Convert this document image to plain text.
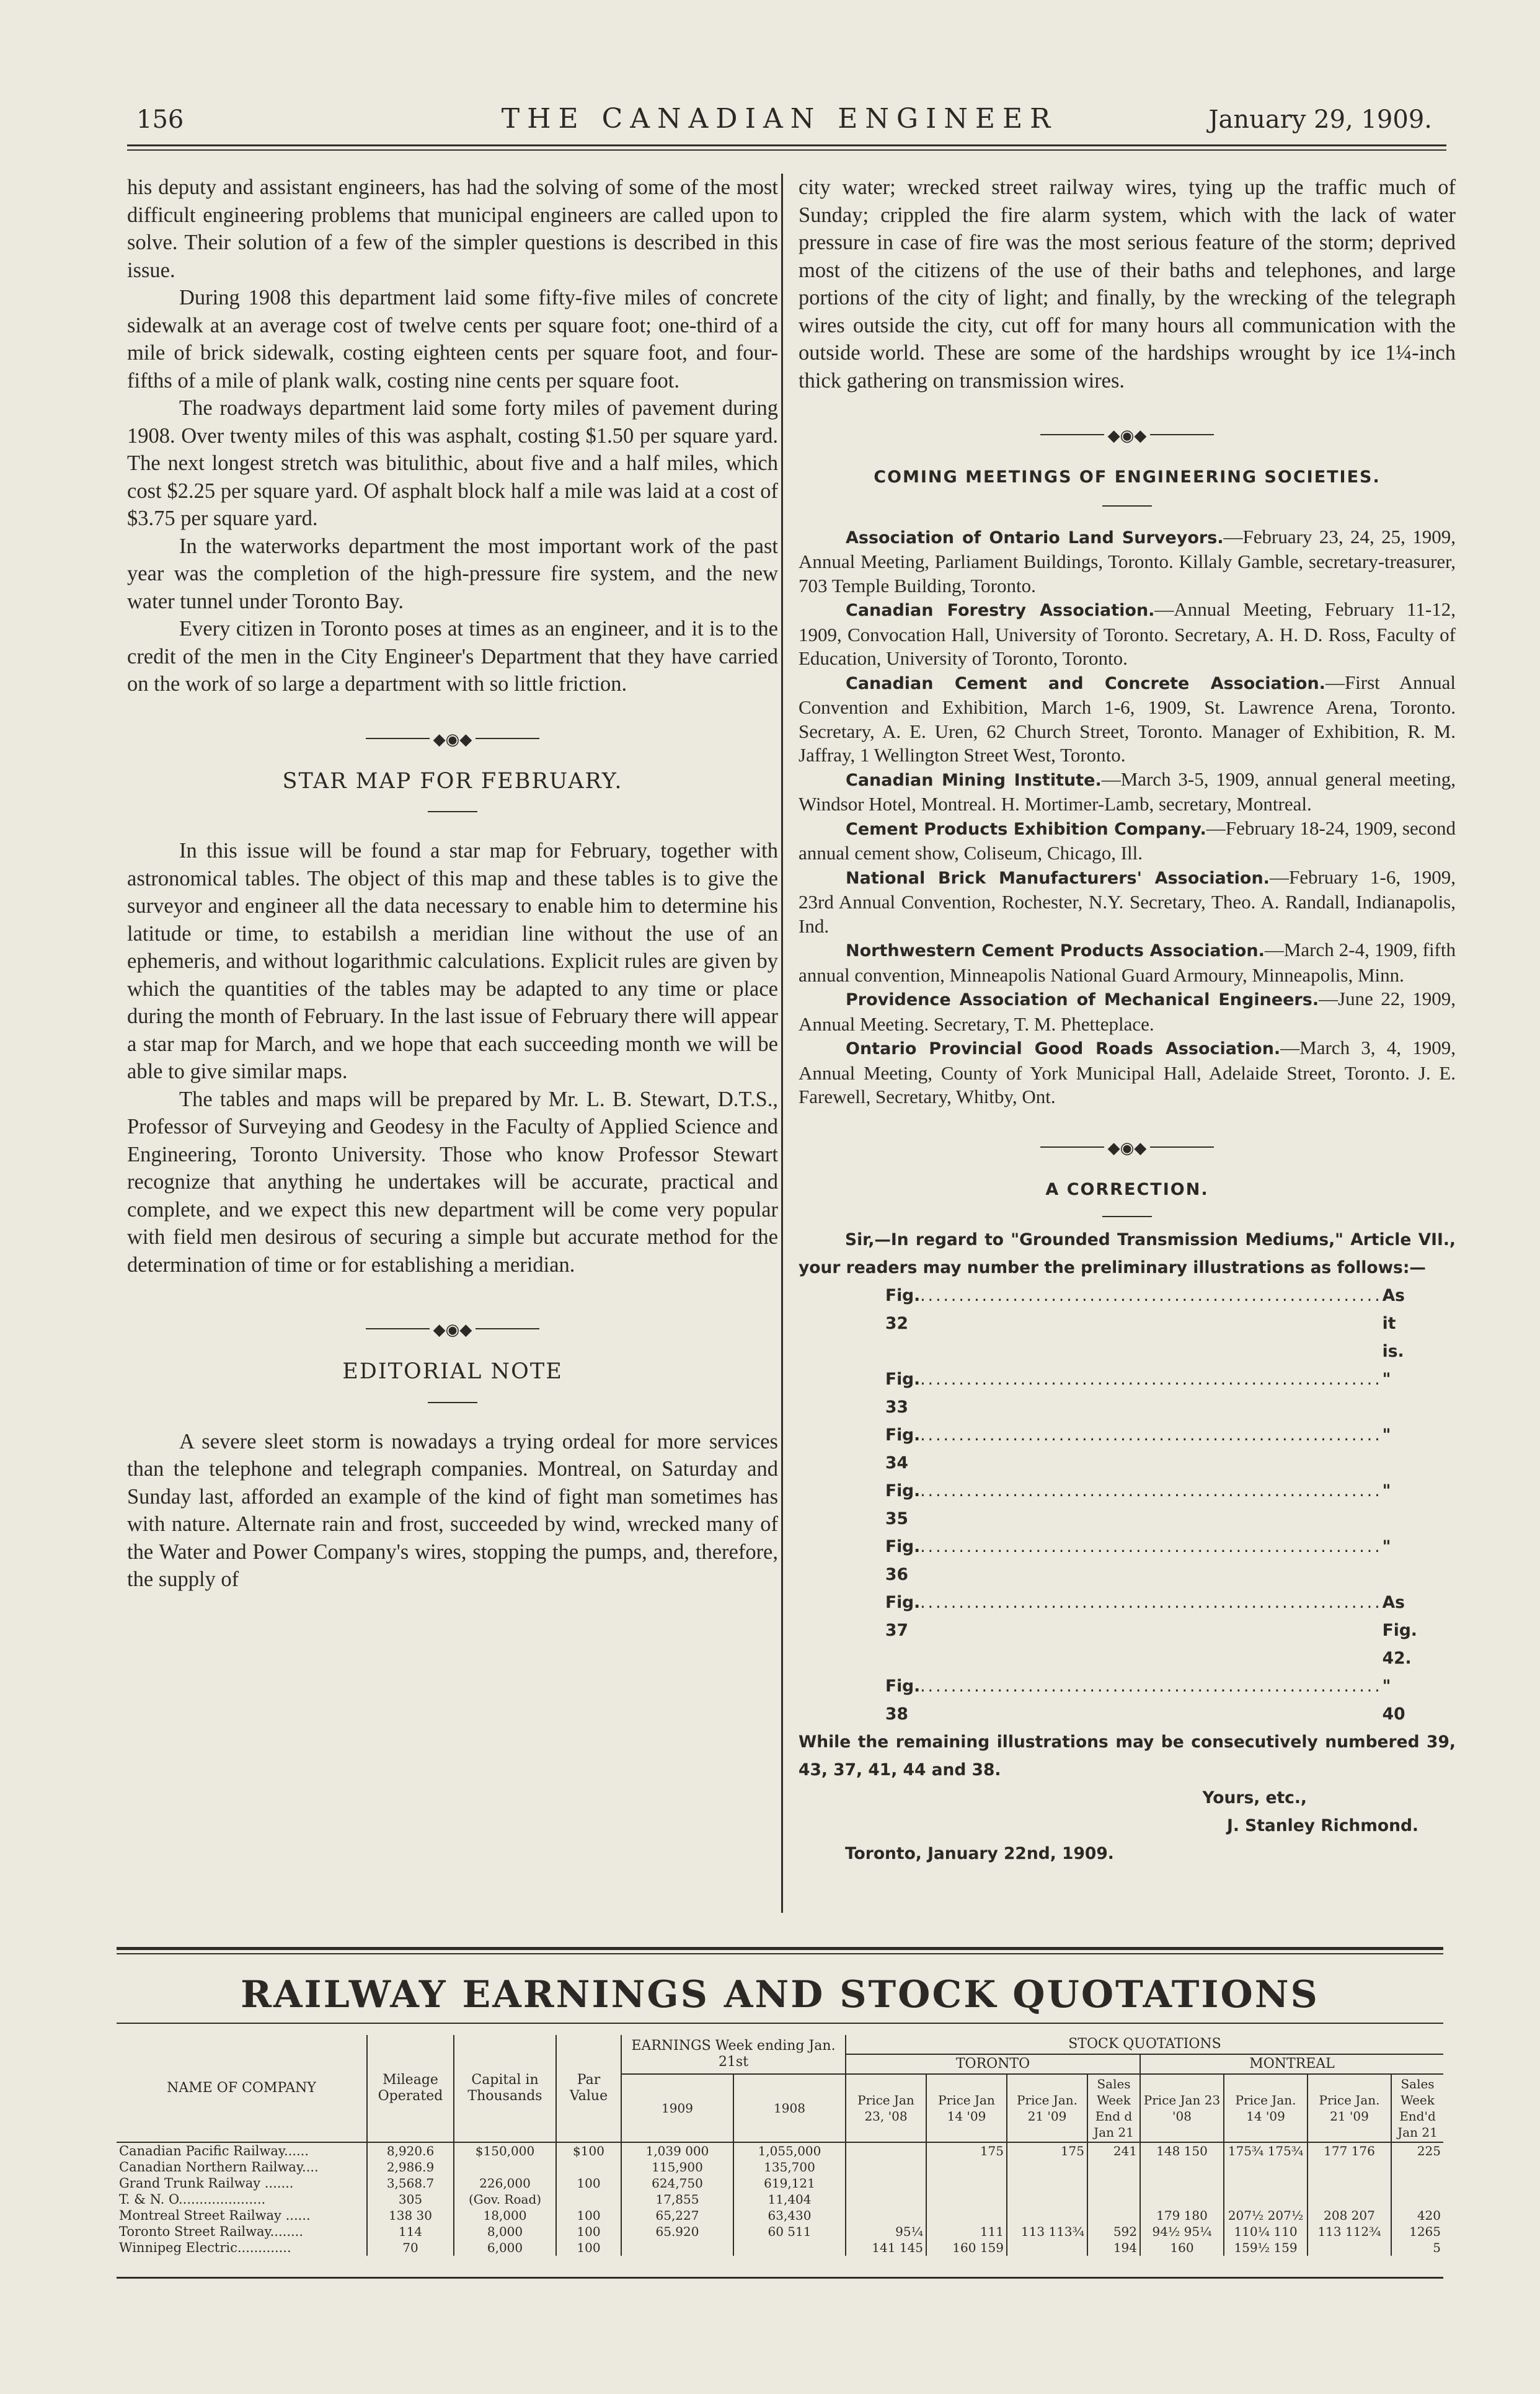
156	THE CANADIAN ENGINEER	January 29, 1909.

his deputy and assistant engineers, has had the solving of some of the most difficult engineering problems that municipal engineers are called upon to solve. Their solution of a few of the simpler questions is described in this issue.

During 1908 this department laid some fifty-five miles of concrete sidewalk at an average cost of twelve cents per square foot; one-third of a mile of brick sidewalk, costing eighteen cents per square foot, and four-fifths of a mile of plank walk, costing nine cents per square foot.

The roadways department laid some forty miles of pavement during 1908. Over twenty miles of this was asphalt, costing $1.50 per square yard. The next longest stretch was bitulithic, about five and a half miles, which cost $2.25 per square yard. Of asphalt block half a mile was laid at a cost of $3.75 per square yard.

In the waterworks department the most important work of the past year was the completion of the high-pressure fire system, and the new water tunnel under Toronto Bay.

Every citizen in Toronto poses at times as an engineer, and it is to the credit of the men in the City Engineer's Department that they have carried on the work of so large a department with so little friction.

◆◉◆
STAR MAP FOR FEBRUARY.

In this issue will be found a star map for February, together with astronomical tables. The object of this map and these tables is to give the surveyor and engineer all the data necessary to enable him to determine his latitude or time, to estabilsh a meridian line without the use of an ephemeris, and without logarithmic calculations. Explicit rules are given by which the quantities of the tables may be adapted to any time or place during the month of February. In the last issue of February there will appear a star map for March, and we hope that each succeeding month we will be able to give similar maps.

The tables and maps will be prepared by Mr. L. B. Stewart, D.T.S., Professor of Surveying and Geodesy in the Faculty of Applied Science and Engineering, Toronto University. Those who know Professor Stewart recognize that anything he undertakes will be accurate, practical and complete, and we expect this new department will be come very popular with field men desirous of securing a simple but accurate method for the determination of time or for establishing a meridian.

◆◉◆
EDITORIAL NOTE

A severe sleet storm is nowadays a trying ordeal for more services than the telephone and telegraph companies. Montreal, on Saturday and Sunday last, afforded an example of the kind of fight man sometimes has with nature. Alternate rain and frost, succeeded by wind, wrecked many of the Water and Power Company's wires, stopping the pumps, and, therefore, the supply of

city water; wrecked street railway wires, tying up the traffic much of Sunday; crippled the fire alarm system, which with the lack of water pressure in case of fire was the most serious feature of the storm; deprived most of the citizens of the use of their baths and telephones, and large portions of the city of light; and finally, by the wrecking of the telegraph wires outside the city, cut off for many hours all communication with the outside world. These are some of the hardships wrought by ice 1¼-inch thick gathering on transmission wires.

◆◉◆
COMING MEETINGS OF ENGINEERING SOCIETIES.

Association of Ontario Land Surveyors.—February 23, 24, 25, 1909, Annual Meeting, Parliament Buildings, Toronto. Killaly Gamble, secretary-treasurer, 703 Temple Building, Toronto.

Canadian Forestry Association.—Annual Meeting, February 11-12, 1909, Convocation Hall, University of Toronto. Secretary, A. H. D. Ross, Faculty of Education, University of Toronto, Toronto.

Canadian Cement and Concrete Association.—First Annual Convention and Exhibition, March 1-6, 1909, St. Lawrence Arena, Toronto. Secretary, A. E. Uren, 62 Church Street, Toronto. Manager of Exhibition, R. M. Jaffray, 1 Wellington Street West, Toronto.

Canadian Mining Institute.—March 3-5, 1909, annual general meeting, Windsor Hotel, Montreal. H. Mortimer-Lamb, secretary, Montreal.

Cement Products Exhibition Company.—February 18-24, 1909, second annual cement show, Coliseum, Chicago, Ill.

National Brick Manufacturers' Association.—February 1-6, 1909, 23rd Annual Convention, Rochester, N.Y. Secretary, Theo. A. Randall, Indianapolis, Ind.

Northwestern Cement Products Association.—March 2-4, 1909, fifth annual convention, Minneapolis National Guard Armoury, Minneapolis, Minn.

Providence Association of Mechanical Engineers.—June 22, 1909, Annual Meeting. Secretary, T. M. Phetteplace.

Ontario Provincial Good Roads Association.—March 3, 4, 1909, Annual Meeting, County of York Municipal Hall, Adelaide Street, Toronto. J. E. Farewell, Secretary, Whitby, Ont.

◆◉◆
A CORRECTION.
Sir,—In regard to "Grounded Transmission Mediums," Article VII., your readers may number the preliminary illustrations as follows:—
Fig. 32
............................................................ As it is.
Fig. 33
............................................................ "
Fig. 34
............................................................ "
Fig. 35
............................................................ "
Fig. 36
............................................................ "
Fig. 37
............................................................ As Fig. 42.
Fig. 38
............................................................ " 40
While the remaining illustrations may be consecutively numbered 39, 43, 37, 41, 44 and 38.
Yours, etc.,
J. Stanley Richmond.
Toronto, January 22nd, 1909.
RAILWAY EARNINGS AND STOCK QUOTATIONS
NAME OF COMPANY	Mileage Operated	Capital in Thousands	Par Value	EARNINGS Week ending Jan. 21st		STOCK QUOTATIONS							
						TORONTO				MONTREAL			
				1909	1908	Price Jan 23, '08	Price Jan 14 '09	Price Jan. 21 '09	Sales Week End d Jan 21	Price Jan 23 '08	Price Jan. 14 '09	Price Jan. 21 '09	Sales Week End'd Jan 21
Canadian Pacific Railway......	8,920.6	$150,000	$100	1,039 000	1,055,000		175	175	241	148 150	175¾ 175¾	177 176	225
Canadian Northern Railway....	2,986.9			115,900	135,700								
Grand Trunk Railway .......	3,568.7	226,000	100	624,750	619,121								
T. & N. O.....................	305	(Gov. Road)		17,855	11,404								
Montreal Street Railway ......	138 30	18,000	100	65,227	63,430					179 180	207½ 207½	208 207	420
Toronto Street Railway........	114	8,000	100	65.920	60 511	95¼	111	113 113¾	592	94½ 95¼	110¼ 110	113 112¾	1265
Winnipeg Electric.............	70	6,000	100			141 145	160 159		194	160	159½ 159		5
